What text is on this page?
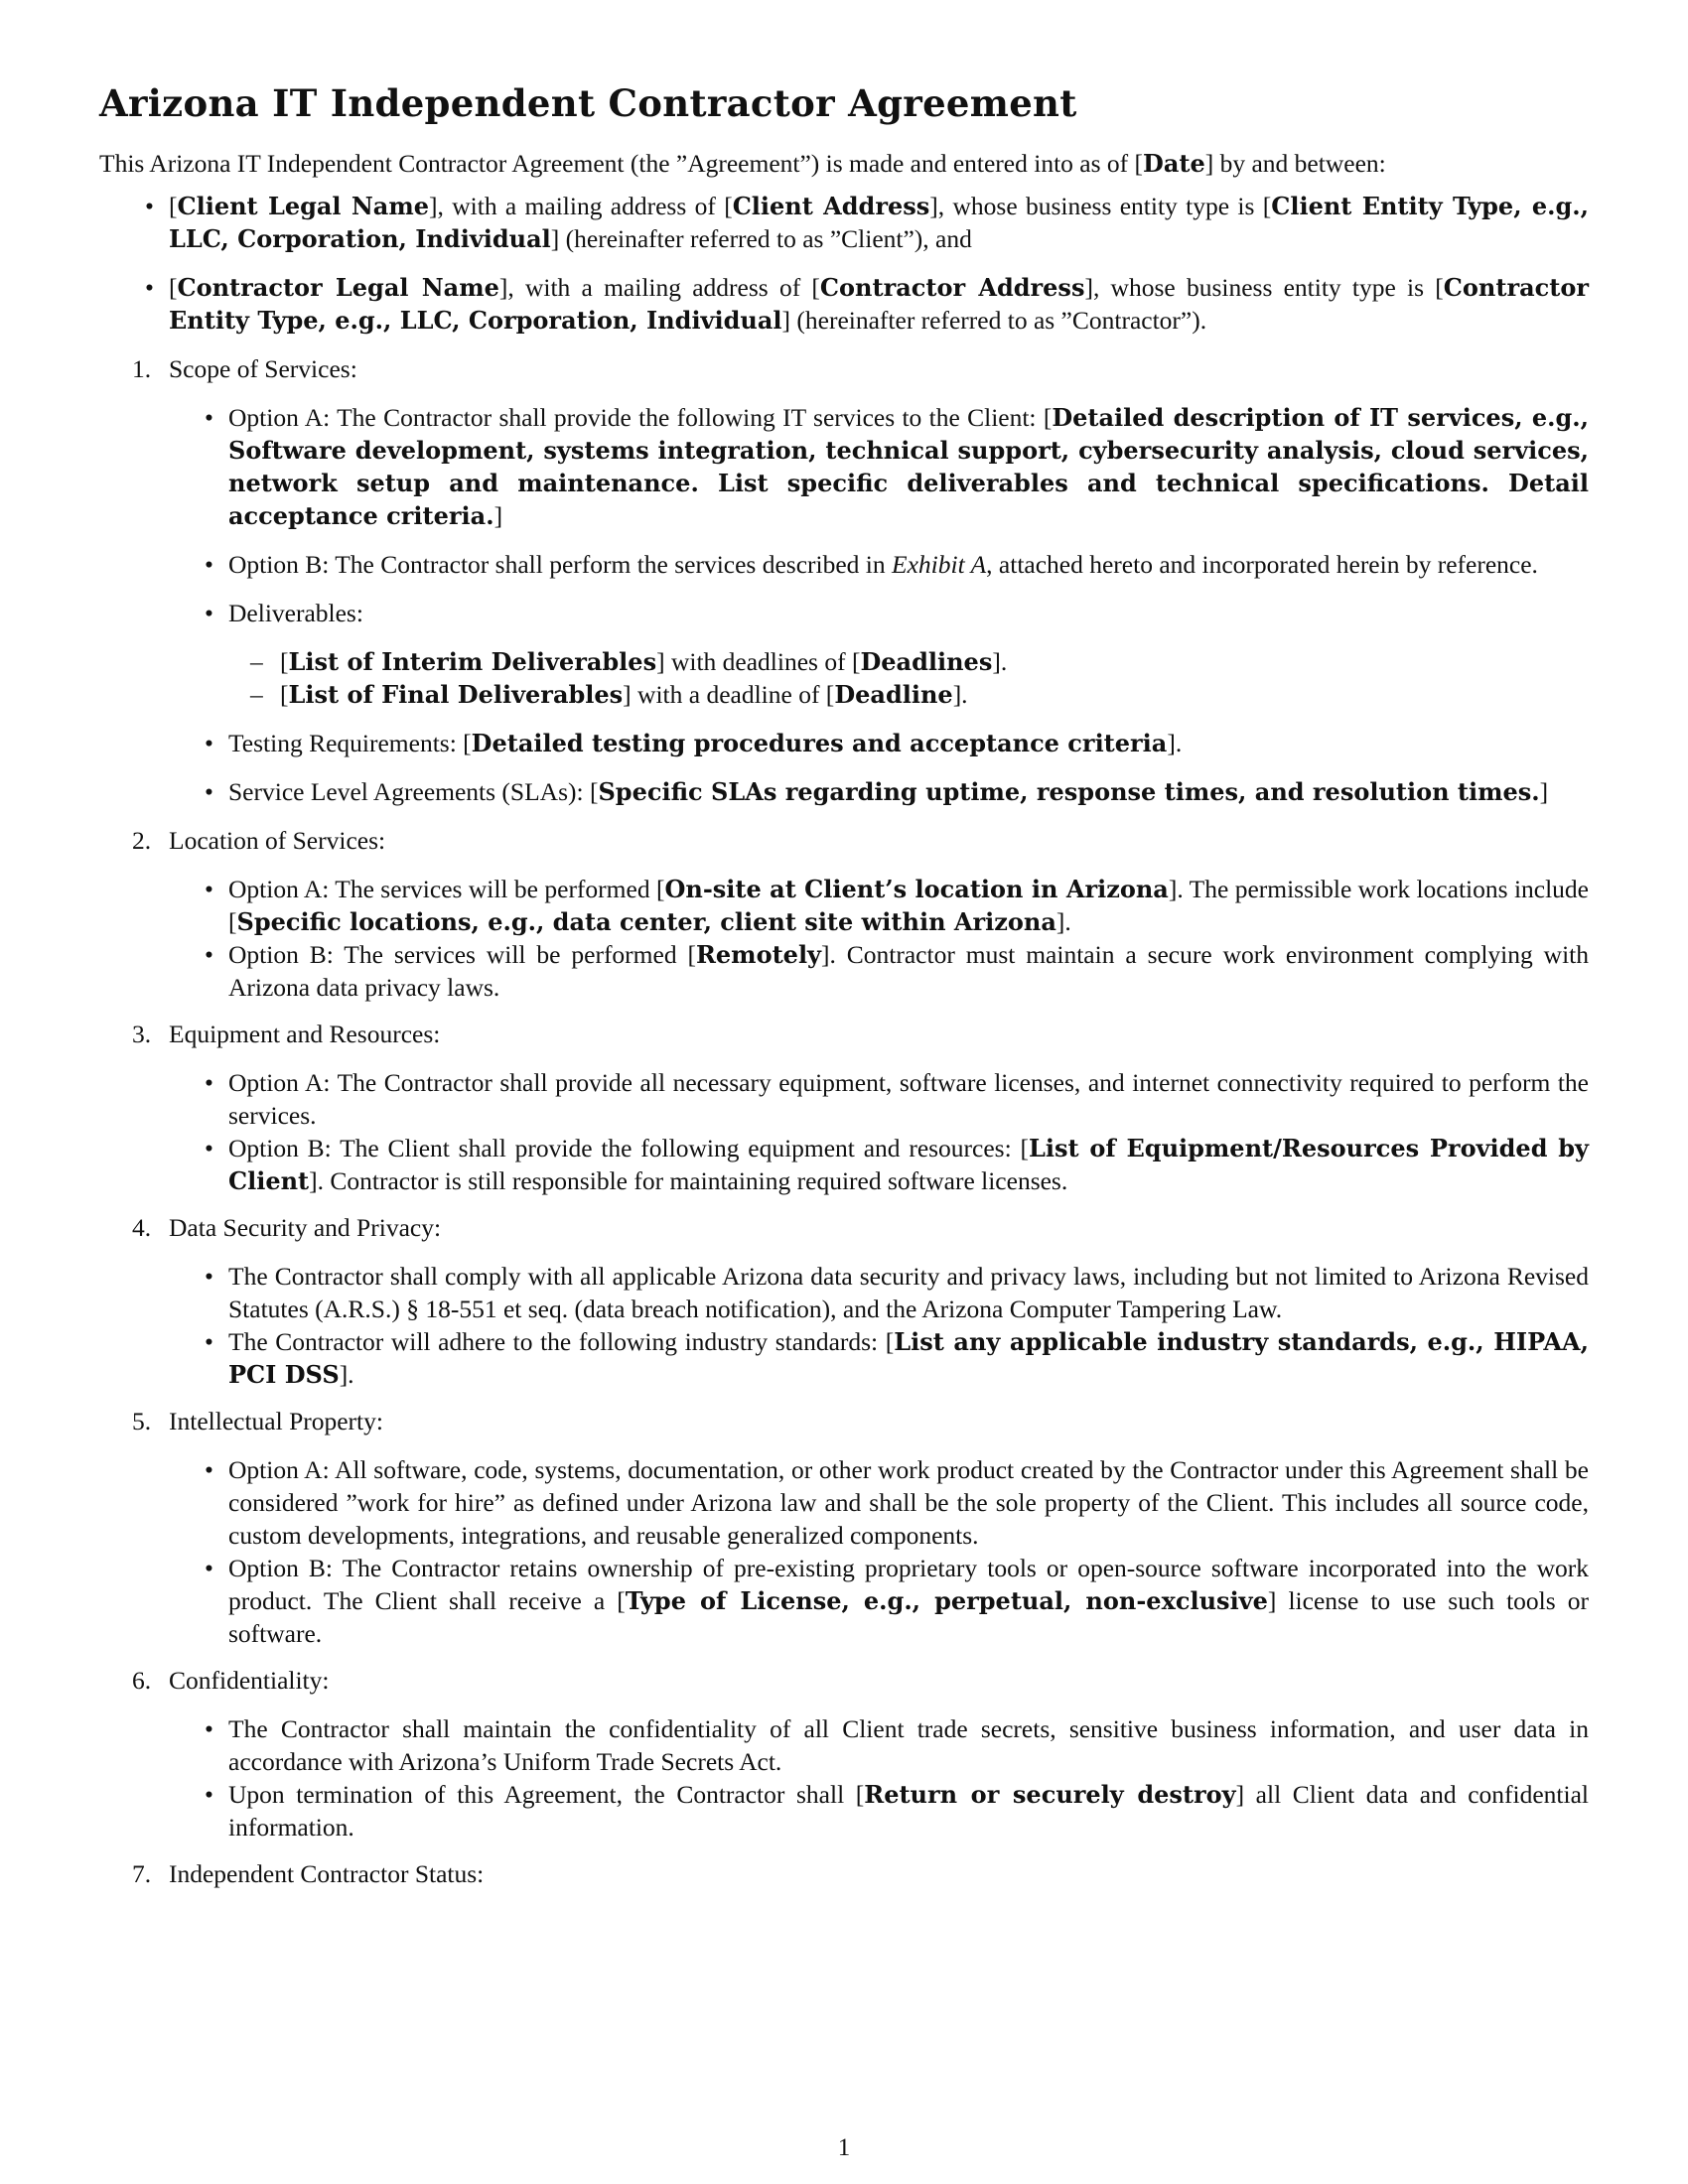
Arizona IT Independent Contractor Agreement

This Arizona IT Independent Contractor Agreement (the ”Agreement”) is made and entered into as of [Date] by and between:

• [Client Legal Name], with a mailing address of [Client Address], whose business entity type is [Client Entity Type, e.g., LLC, Corporation, Individual] (hereinafter referred to as ”Client”), and
• [Contractor Legal Name], with a mailing address of [Contractor Address], whose business entity type is [Contractor Entity Type, e.g., LLC, Corporation, Individual] (hereinafter referred to as ”Contractor”).
1. Scope of Services:
• Option A: The Contractor shall provide the following IT services to the Client: [Detailed description of IT services, e.g., Software development, systems integration, technical support, cybersecurity analysis, cloud services, network setup and maintenance. List specific deliverables and technical specifications. Detail acceptance criteria.]
• Option B: The Contractor shall perform the services described in Exhibit A, attached hereto and incorporated herein by reference.
• Deliverables:
– [List of Interim Deliverables] with deadlines of [Deadlines].
– [List of Final Deliverables] with a deadline of [Deadline].
• Testing Requirements: [Detailed testing procedures and acceptance criteria].
• Service Level Agreements (SLAs): [Specific SLAs regarding uptime, response times, and resolution times.]
2. Location of Services:
• Option A: The services will be performed [On-site at Client’s location in Arizona]. The permissible work locations include [Specific locations, e.g., data center, client site within Arizona].
• Option B: The services will be performed [Remotely]. Contractor must maintain a secure work environment complying with Arizona data privacy laws.
3. Equipment and Resources:
• Option A: The Contractor shall provide all necessary equipment, software licenses, and internet connectivity required to perform the services.
• Option B: The Client shall provide the following equipment and resources: [List of Equipment/Resources Provided by Client]. Contractor is still responsible for maintaining required software licenses.
4. Data Security and Privacy:
• The Contractor shall comply with all applicable Arizona data security and privacy laws, including but not limited to Arizona Revised Statutes (A.R.S.) § 18-551 et seq. (data breach notification), and the Arizona Computer Tampering Law.
• The Contractor will adhere to the following industry standards: [List any applicable industry standards, e.g., HIPAA, PCI DSS].
5. Intellectual Property:
• Option A: All software, code, systems, documentation, or other work product created by the Contractor under this Agreement shall be considered ”work for hire” as defined under Arizona law and shall be the sole property of the Client. This includes all source code, custom developments, integrations, and reusable generalized components.
• Option B: The Contractor retains ownership of pre-existing proprietary tools or open-source software incorporated into the work product. The Client shall receive a [Type of License, e.g., perpetual, non-exclusive] license to use such tools or software.
6. Confidentiality:
• The Contractor shall maintain the confidentiality of all Client trade secrets, sensitive business information, and user data in accordance with Arizona’s Uniform Trade Secrets Act.
• Upon termination of this Agreement, the Contractor shall [Return or securely destroy] all Client data and confidential information.
7. Independent Contractor Status:
1
